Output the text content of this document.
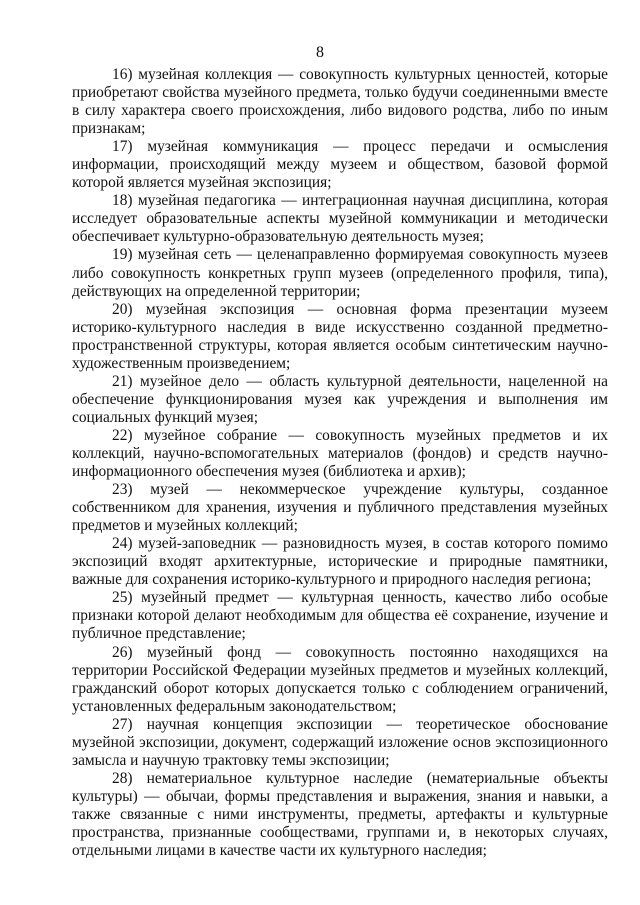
8

16) музейная коллекция — совокупность культурных ценностей, которые приобретают свойства музейного предмета, только будучи соединенными вместе в силу характера своего происхождения, либо видового родства, либо по иным признакам;

17) музейная коммуникация — процесс передачи и осмысления информации, происходящий между музеем и обществом, базовой формой которой является музейная экспозиция;

18) музейная педагогика — интеграционная научная дисциплина, которая исследует образовательные аспекты музейной коммуникации и методически обеспечивает культурно-образовательную деятельность музея;

19) музейная сеть — целенаправленно формируемая совокупность музеев либо совокупность конкретных групп музеев (определенного профиля, типа), действующих на определенной территории;

20) музейная экспозиция — основная форма презентации музеем историко-культурного наследия в виде искусственно созданной предметно-пространственной структуры, которая является особым синтетическим научно-художественным произведением;

21) музейное дело — область культурной деятельности, нацеленной на обеспечение функционирования музея как учреждения и выполнения им социальных функций музея;

22) музейное собрание — совокупность музейных предметов и их коллекций, научно-вспомогательных материалов (фондов) и средств научно-информационного обеспечения музея (библиотека и архив);

23) музей — некоммерческое учреждение культуры, созданное собственником для хранения, изучения и публичного представления музейных предметов и музейных коллекций;

24) музей-заповедник — разновидность музея, в состав которого помимо экспозиций входят архитектурные, исторические и природные памятники, важные для сохранения историко-культурного и природного наследия региона;

25) музейный предмет — культурная ценность, качество либо особые признаки которой делают необходимым для общества её сохранение, изучение и публичное представление;

26) музейный фонд — совокупность постоянно находящихся на территории Российской Федерации музейных предметов и музейных коллекций, гражданский оборот которых допускается только с соблюдением ограничений, установленных федеральным законодательством;

27) научная концепция экспозиции — теоретическое обоснование музейной экспозиции, документ, содержащий изложение основ экспозиционного замысла и научную трактовку темы экспозиции;

28) нематериальное культурное наследие (нематериальные объекты культуры) — обычаи, формы представления и выражения, знания и навыки, а также связанные с ними инструменты, предметы, артефакты и культурные пространства, признанные сообществами, группами и, в некоторых случаях, отдельными лицами в качестве части их культурного наследия;
